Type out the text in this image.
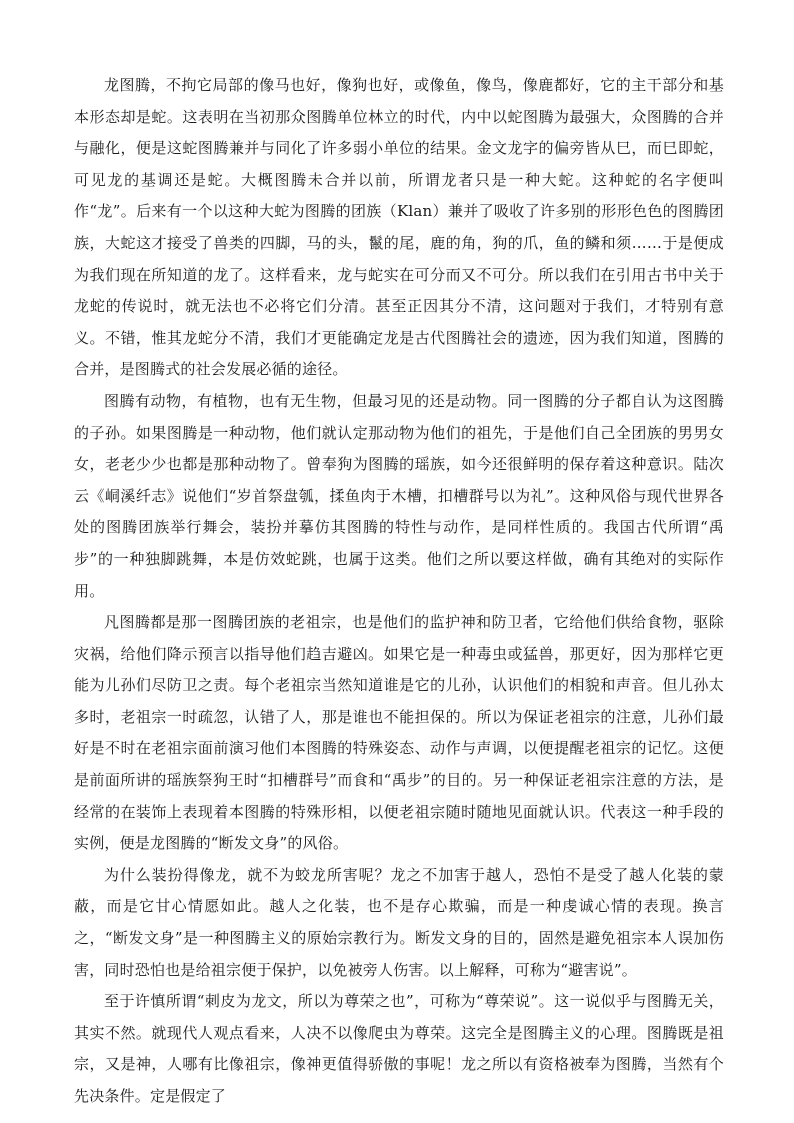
龙图腾，不拘它局部的像马也好，像狗也好，或像鱼，像鸟，像鹿都好，它的主干部分和基本形态却是蛇。这表明在当初那众图腾单位林立的时代，内中以蛇图腾为最强大，众图腾的合并与融化，便是这蛇图腾兼并与同化了许多弱小单位的结果。金文龙字的偏旁皆从巳，而巳即蛇，可见龙的基调还是蛇。大概图腾未合并以前，所谓龙者只是一种大蛇。这种蛇的名字便叫作“龙”。后来有一个以这种大蛇为图腾的团族（Klan）兼并了吸收了许多别的形形色色的图腾团族，大蛇这才接受了兽类的四脚，马的头，鬣的尾，鹿的角，狗的爪，鱼的鳞和须……于是便成为我们现在所知道的龙了。这样看来，龙与蛇实在可分而又不可分。所以我们在引用古书中关于龙蛇的传说时，就无法也不必将它们分清。甚至正因其分不清，这问题对于我们，才特别有意义。不错，惟其龙蛇分不清，我们才更能确定龙是古代图腾社会的遗迹，因为我们知道，图腾的合并，是图腾式的社会发展必循的途径。

图腾有动物，有植物，也有无生物，但最习见的还是动物。同一图腾的分子都自认为这图腾的子孙。如果图腾是一种动物，他们就认定那动物为他们的祖先，于是他们自己全团族的男男女女，老老少少也都是那种动物了。曾奉狗为图腾的瑶族，如今还很鲜明的保存着这种意识。陆次云《峒溪纤志》说他们“岁首祭盘瓠，揉鱼肉于木槽，扣槽群号以为礼”。这种风俗与现代世界各处的图腾团族举行舞会，装扮并摹仿其图腾的特性与动作，是同样性质的。我国古代所谓“禹步”的一种独脚跳舞，本是仿效蛇跳，也属于这类。他们之所以要这样做，确有其绝对的实际作用。

凡图腾都是那一图腾团族的老祖宗，也是他们的监护神和防卫者，它给他们供给食物，驱除灾祸，给他们降示预言以指导他们趋吉避凶。如果它是一种毒虫或猛兽，那更好，因为那样它更能为儿孙们尽防卫之责。每个老祖宗当然知道谁是它的儿孙，认识他们的相貌和声音。但儿孙太多时，老祖宗一时疏忽，认错了人，那是谁也不能担保的。所以为保证老祖宗的注意，儿孙们最好是不时在老祖宗面前演习他们本图腾的特殊姿态、动作与声调，以便提醒老祖宗的记忆。这便是前面所讲的瑶族祭狗王时“扣槽群号”而食和“禹步”的目的。另一种保证老祖宗注意的方法，是经常的在装饰上表现着本图腾的特殊形相，以便老祖宗随时随地见面就认识。代表这一种手段的实例，便是龙图腾的“断发文身”的风俗。

为什么装扮得像龙，就不为蛟龙所害呢？龙之不加害于越人，恐怕不是受了越人化装的蒙蔽，而是它甘心情愿如此。越人之化装，也不是存心欺骗，而是一种虔诚心情的表现。换言之，“断发文身”是一种图腾主义的原始宗教行为。断发文身的目的，固然是避免祖宗本人误加伤害，同时恐怕也是给祖宗便于保护，以免被旁人伤害。以上解释，可称为“避害说”。

至于许慎所谓“刺皮为龙文，所以为尊荣之也”，可称为“尊荣说”。这一说似乎与图腾无关，其实不然。就现代人观点看来，人决不以像爬虫为尊荣。这完全是图腾主义的心理。图腾既是祖宗，又是神，人哪有比像祖宗，像神更值得骄傲的事呢！龙之所以有资格被奉为图腾，当然有个先决条件。定是假定了
